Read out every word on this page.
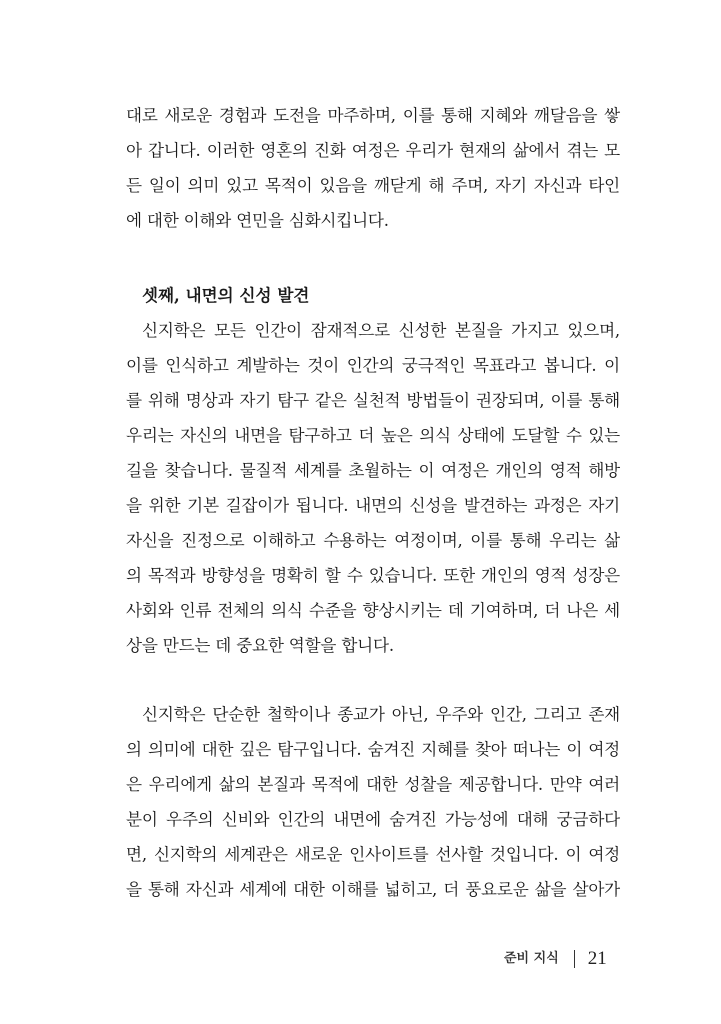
대로 새로운 경험과 도전을 마주하며, 이를 통해 지혜와 깨달음을 쌓
아 갑니다. 이러한 영혼의 진화 여정은 우리가 현재의 삶에서 겪는 모
든 일이 의미 있고 목적이 있음을 깨닫게 해 주며, 자기 자신과 타인
에 대한 이해와 연민을 심화시킵니다.
셋째, 내면의 신성 발견
신지학은 모든 인간이 잠재적으로 신성한 본질을 가지고 있으며,
이를 인식하고 계발하는 것이 인간의 궁극적인 목표라고 봅니다. 이
를 위해 명상과 자기 탐구 같은 실천적 방법들이 권장되며, 이를 통해
우리는 자신의 내면을 탐구하고 더 높은 의식 상태에 도달할 수 있는
길을 찾습니다. 물질적 세계를 초월하는 이 여정은 개인의 영적 해방
을 위한 기본 길잡이가 됩니다. 내면의 신성을 발견하는 과정은 자기
자신을 진정으로 이해하고 수용하는 여정이며, 이를 통해 우리는 삶
의 목적과 방향성을 명확히 할 수 있습니다. 또한 개인의 영적 성장은
사회와 인류 전체의 의식 수준을 향상시키는 데 기여하며, 더 나은 세
상을 만드는 데 중요한 역할을 합니다.
신지학은 단순한 철학이나 종교가 아닌, 우주와 인간, 그리고 존재
의 의미에 대한 깊은 탐구입니다. 숨겨진 지혜를 찾아 떠나는 이 여정
은 우리에게 삶의 본질과 목적에 대한 성찰을 제공합니다. 만약 여러
분이 우주의 신비와 인간의 내면에 숨겨진 가능성에 대해 궁금하다
면, 신지학의 세계관은 새로운 인사이트를 선사할 것입니다. 이 여정
을 통해 자신과 세계에 대한 이해를 넓히고, 더 풍요로운 삶을 살아가
준비 지식 21
